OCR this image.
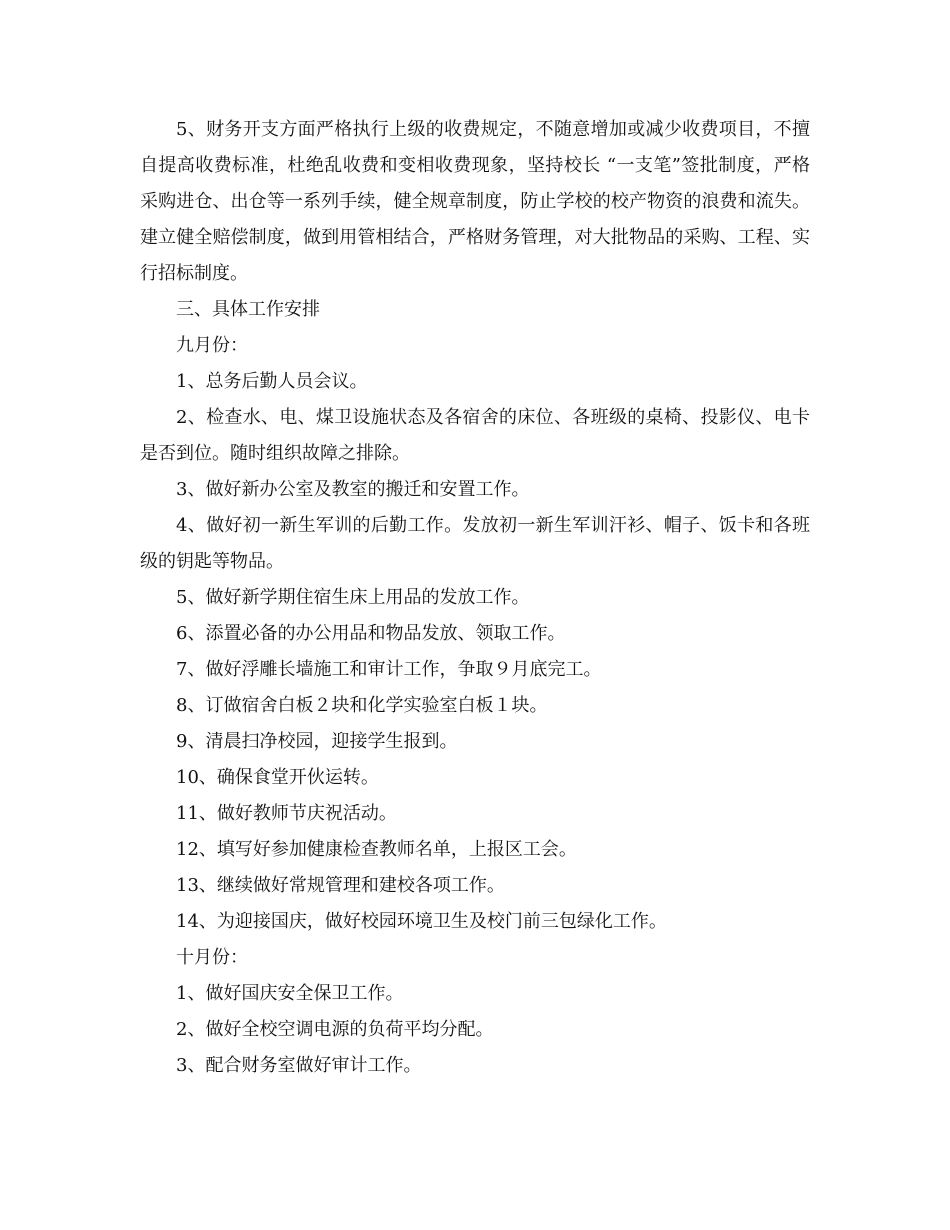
5、财务开支方面严格执行上级的收费规定，不随意增加或减少收费项目，不擅自提高收费标准，杜绝乱收费和变相收费现象，坚持校长 “一支笔”签批制度，严格采购进仓、出仓等一系列手续，健全规章制度，防止学校的校产物资的浪费和流失。建立健全赔偿制度，做到用管相结合，严格财务管理，对大批物品的采购、工程、实行招标制度。

三、具体工作安排

九月份：

1、总务后勤人员会议。

2、检查水、电、煤卫设施状态及各宿舍的床位、各班级的桌椅、投影仪、电卡是否到位。随时组织故障之排除。

3、做好新办公室及教室的搬迁和安置工作。

4、做好初一新生军训的后勤工作。发放初一新生军训汗衫、帽子、饭卡和各班级的钥匙等物品。

5、做好新学期住宿生床上用品的发放工作。

6、添置必备的办公用品和物品发放、领取工作。

7、做好浮雕长墙施工和审计工作，争取９月底完工。

8、订做宿舍白板２块和化学实验室白板１块。

9、清晨扫净校园，迎接学生报到。

10、确保食堂开伙运转。

11、做好教师节庆祝活动。

12、填写好参加健康检查教师名单，上报区工会。

13、继续做好常规管理和建校各项工作。

14、为迎接国庆，做好校园环境卫生及校门前三包绿化工作。

十月份：

1、做好国庆安全保卫工作。

2、做好全校空调电源的负荷平均分配。

3、配合财务室做好审计工作。
